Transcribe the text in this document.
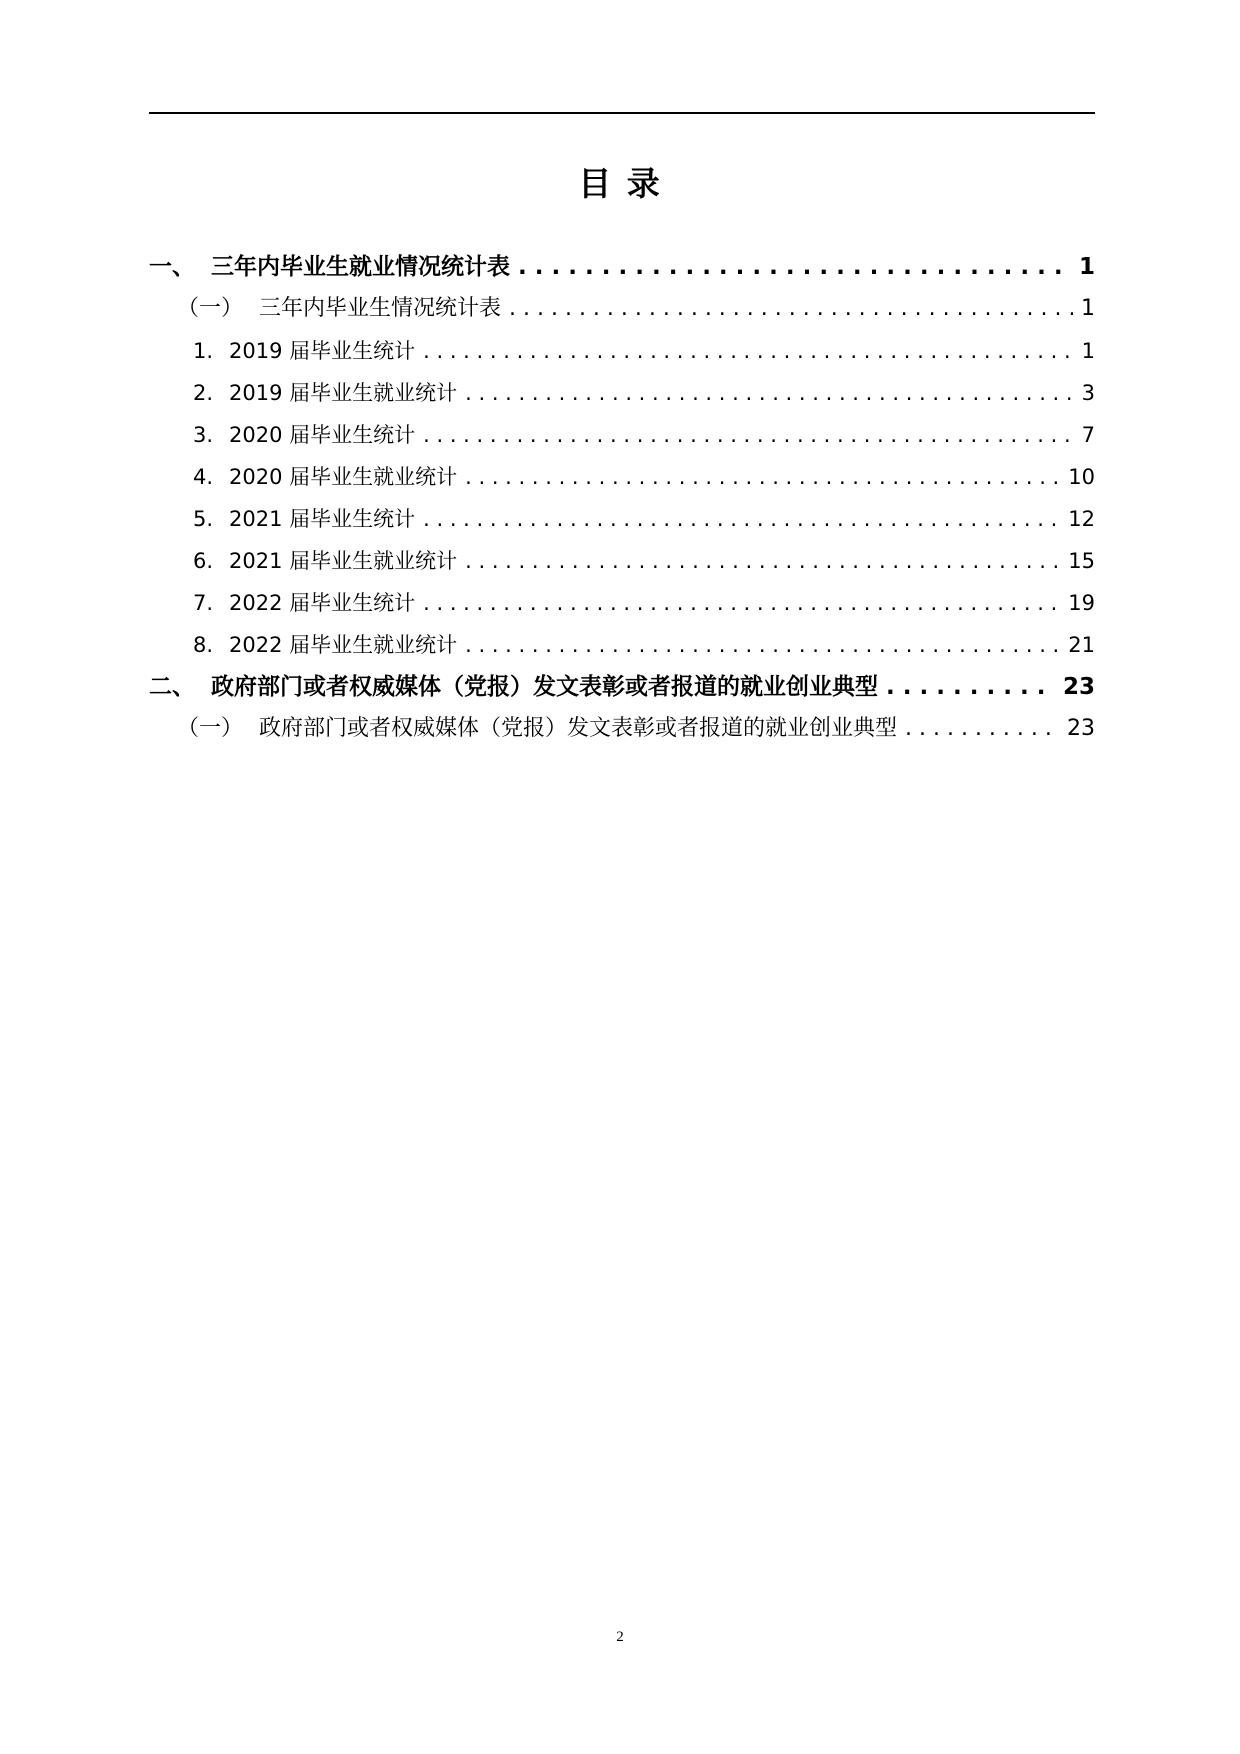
目 录
一、 三年内毕业生就业情况统计表 . . .	1
（一） 三年内毕业生情况统计表 . . .	1
1. 2019 届毕业生统计 . . .	1
2. 2019 届毕业生就业统计 . . .	3
3. 2020 届毕业生统计 . . .	7
4. 2020 届毕业生就业统计 . . .	10
5. 2021 届毕业生统计 . . .	12
6. 2021 届毕业生就业统计 . . .	15
7. 2022 届毕业生统计 . . .	19
8. 2022 届毕业生就业统计 . . .	21
二、 政府部门或者权威媒体（党报）发文表彰或者报道的就业创业典型 . . .	23
（一） 政府部门或者权威媒体（党报）发文表彰或者报道的就业创业典型 . . .	23
2
